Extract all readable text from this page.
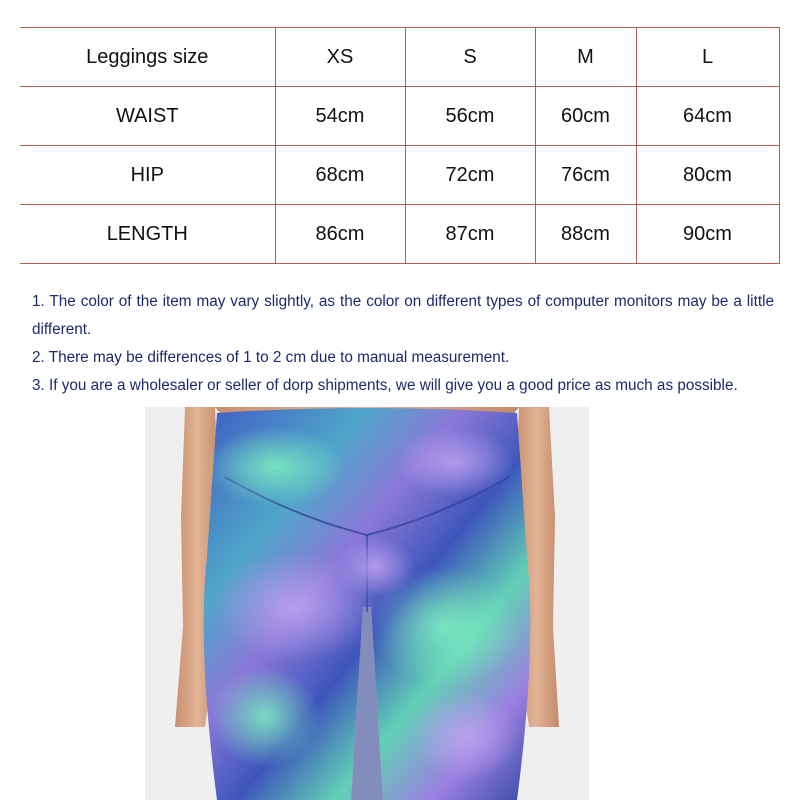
Leggings size	XS	S	M	L
WAIST	54cm	56cm	60cm	64cm
HIP	68cm	72cm	76cm	80cm
LENGTH	86cm	87cm	88cm	90cm

1. The color of the item may vary slightly, as the color on different types of computer monitors may be a little different.

2. There may be differences of 1 to 2 cm due to manual measurement.

3. If you are a wholesaler or seller of dorp shipments, we will give you a good price as much as possible.
